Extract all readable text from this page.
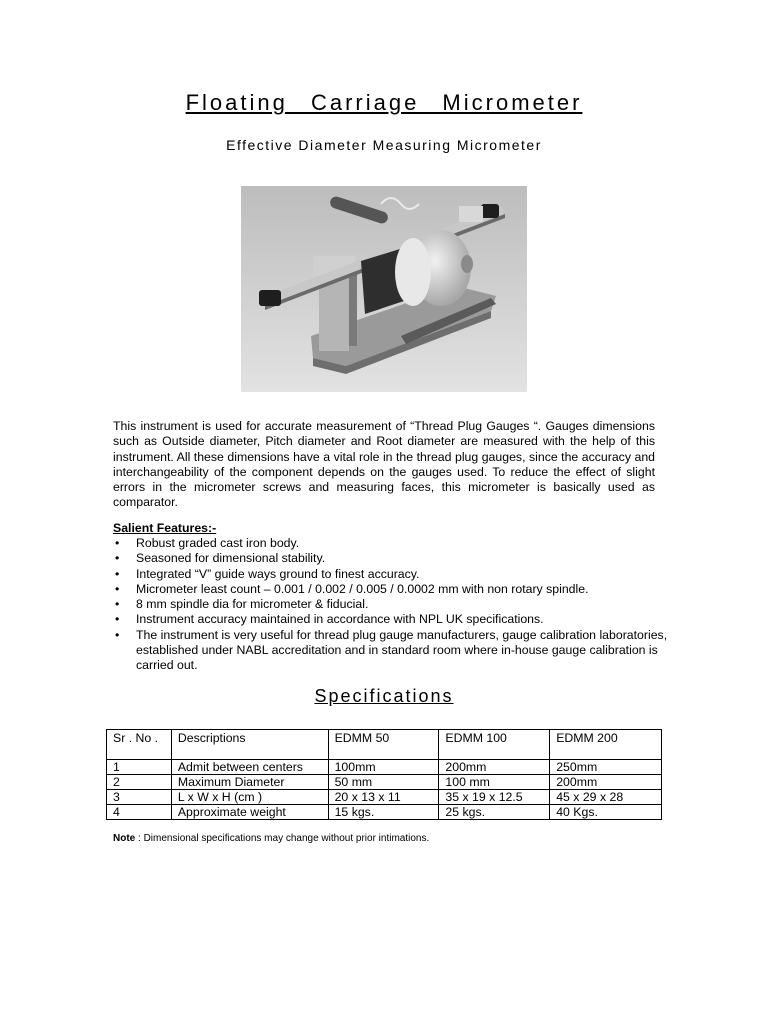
Floating Carriage Micrometer
Effective Diameter Measuring Micrometer
This instrument is used for accurate measurement of “Thread Plug Gauges “. Gauges dimensions such as Outside diameter, Pitch diameter and Root diameter are measured with the help of this instrument. All these dimensions have a vital role in the thread plug gauges, since the accuracy and interchangeability of the component depends on the gauges used. To reduce the effect of slight errors in the micrometer screws and measuring faces, this micrometer is basically used as comparator.
Salient Features:-
• Robust graded cast iron body.
• Seasoned for dimensional stability.
• Integrated “V” guide ways ground to finest accuracy.
• Micrometer least count – 0.001 / 0.002 / 0.005 / 0.0002 mm with non rotary spindle.
• 8 mm spindle dia for micrometer & fiducial.
• Instrument accuracy maintained in accordance with NPL UK specifications.
• The instrument is very useful for thread plug gauge manufacturers, gauge calibration laboratories, established under NABL accreditation and in standard room where in-house gauge calibration is carried out.
Specifications
Sr . No .	Descriptions	EDMM 50	EDMM 100	EDMM 200
1	Admit between centers	100mm	200mm	250mm
2	Maximum Diameter	50 mm	100 mm	200mm
3	L x W x H (cm )	20 x 13 x 11	35 x 19 x 12.5	45 x 29 x 28
4	Approximate weight	15 kgs.	25 kgs.	40 Kgs.
Note : Dimensional specifications may change without prior intimations.
